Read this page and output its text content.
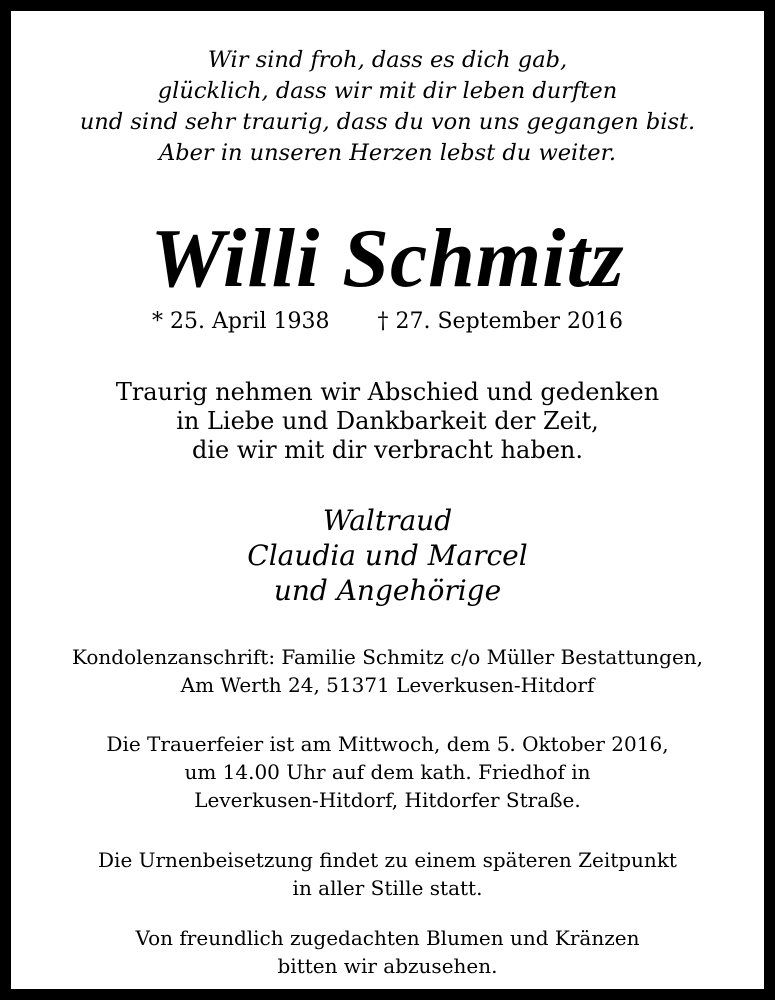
Wir sind froh, dass es dich gab,
glücklich, dass wir mit dir leben durften
und sind sehr traurig, dass du von uns gegangen bist.
Aber in unseren Herzen lebst du weiter.

Willi Schmitz

* 25. April 1938 † 27. September 2016

Traurig nehmen wir Abschied und gedenken
in Liebe und Dankbarkeit der Zeit,
die wir mit dir verbracht haben.

Waltraud
Claudia und Marcel
und Angehörige

Kondolenzanschrift: Familie Schmitz c/o Müller Bestattungen,
Am Werth 24, 51371 Leverkusen-Hitdorf

Die Trauerfeier ist am Mittwoch, dem 5. Oktober 2016,
um 14.00 Uhr auf dem kath. Friedhof in
Leverkusen-Hitdorf, Hitdorfer Straße.

Die Urnenbeisetzung findet zu einem späteren Zeitpunkt
in aller Stille statt.

Von freundlich zugedachten Blumen und Kränzen
bitten wir abzusehen.
